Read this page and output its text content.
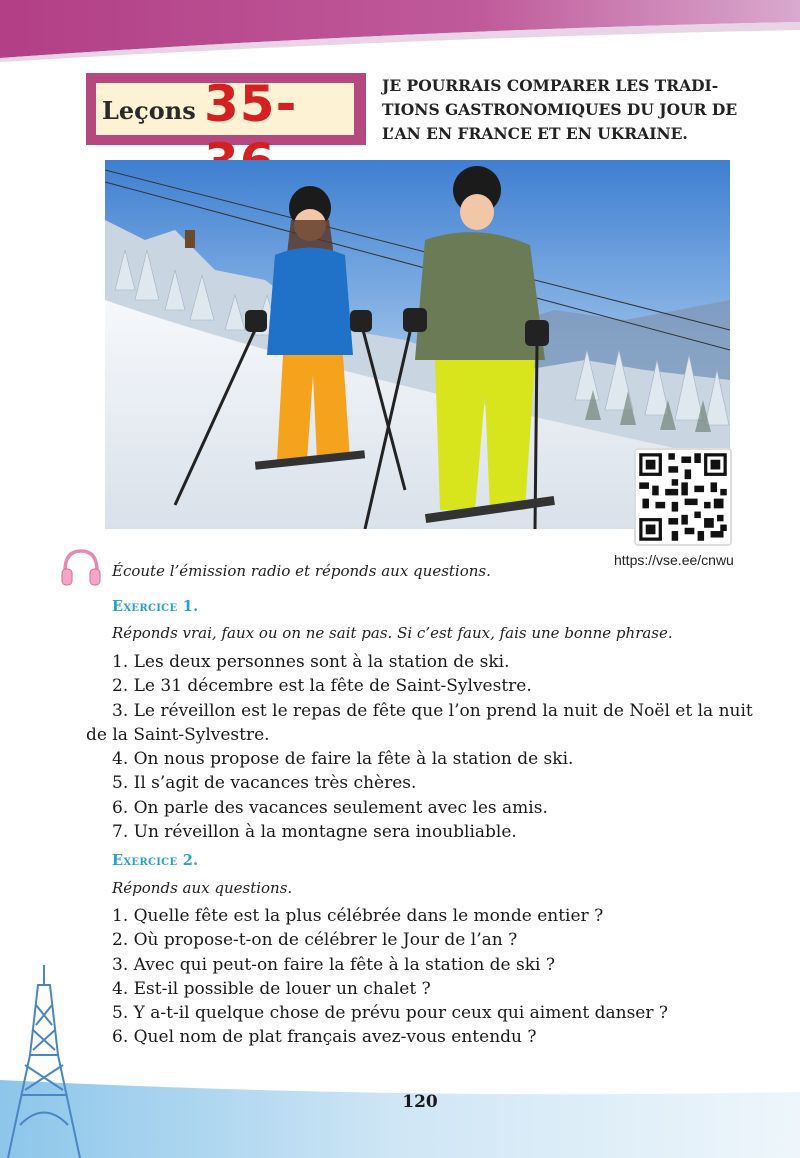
Leçons 35-	JE POURRAIS COMPARER LES TRADI-
TIONS GASTRONOMIQUES DU JOUR DE
L’AN EN FRANCE ET EN UKRAINE.
https://vse.ee/cnwu
Écoute l’émission radio et réponds aux questions.
Exercice 1.
Réponds vrai, faux ou on ne sait pas. Si c’est faux, fais une bonne phrase.
1. Les deux personnes sont à la station de ski.
2. Le 31 décembre est la fête de Saint-Sylvestre.
3. Le réveillon est le repas de fête que l’on prend la nuit de Noël et la nuit de la Saint-Sylvestre.
4. On nous propose de faire la fête à la station de ski.
5. Il s’agit de vacances très chères.
6. On parle des vacances seulement avec les amis.
7. Un réveillon à la montagne sera inoubliable.
Exercice 2.
Réponds aux questions.
1. Quelle fête est la plus célébrée dans le monde entier ?
2. Où propose-t-on de célébrer le Jour de l’an ?
3. Avec qui peut-on faire la fête à la station de ski ?
4. Est-il possible de louer un chalet ?
5. Y a-t-il quelque chose de prévu pour ceux qui aiment danser ?
6. Quel nom de plat français avez-vous entendu ?
120
